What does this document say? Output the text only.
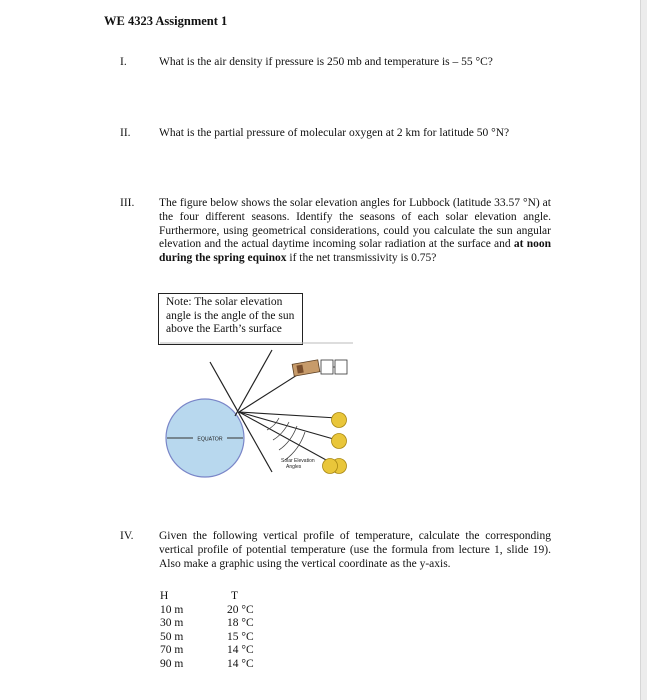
WE 4323 Assignment 1
I.	What is the air density if pressure is 250 mb and temperature is – 55 °C?
II. What is the partial pressure of molecular oxygen at 2 km for latitude 50 °N?
III. The figure below shows the solar elevation angles for Lubbock (latitude 33.57 °N) at the four different seasons. Identify the seasons of each solar elevation angle. Furthermore, using geometrical considerations, could you calculate the sun angular elevation and the actual daytime incoming solar radiation at the surface and at noon during the spring equinox if the net transmissivity is 0.75?
Note: The solar elevation angle is the angle of the sun above the Earth’s surface
EQUATOR
Solar Elevation
Angles
IV. Given the following vertical profile of temperature, calculate the corresponding vertical profile of potential temperature (use the formula from lecture 1, slide 19). Also make a graphic using the vertical coordinate as the y-axis.
H
10 m
30 m
50 m
70 m
90 m
T
20 °C
18 °C
15 °C
14 °C
14 °C
